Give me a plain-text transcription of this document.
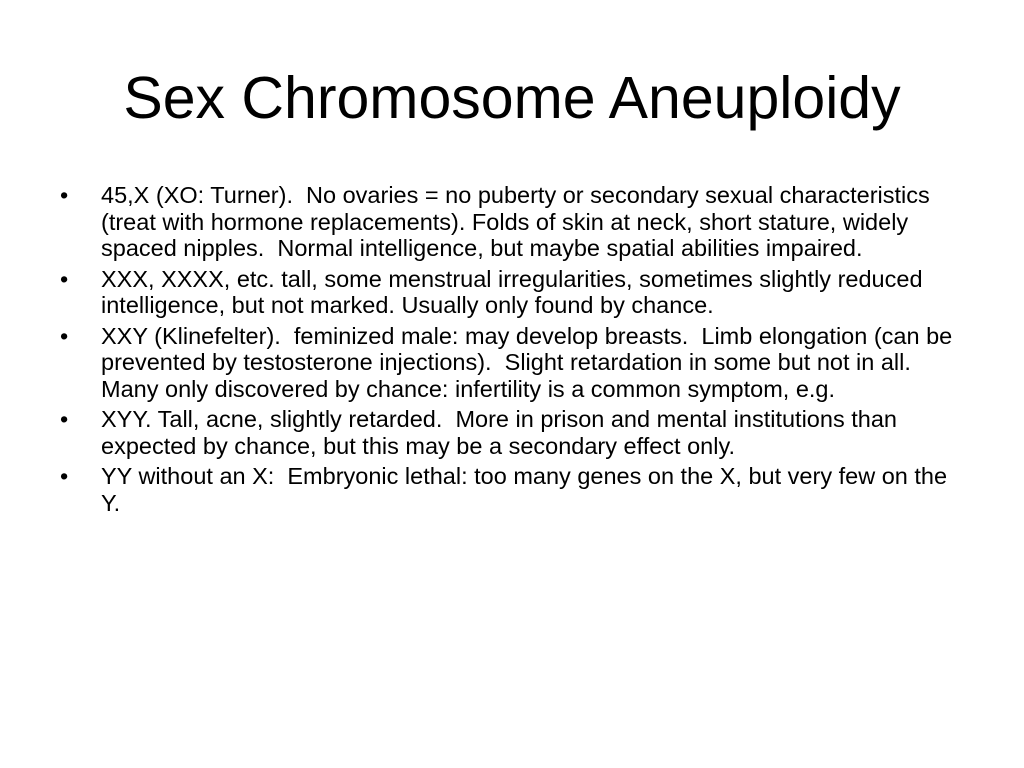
Sex Chromosome Aneuploidy
•	45,X (XO: Turner).  No ovaries = no puberty or secondary sexual characteristics (treat with hormone replacements). Folds of skin at neck, short stature, widely spaced nipples.  Normal intelligence, but maybe spatial abilities impaired.
•	XXX, XXXX, etc. tall, some menstrual irregularities, sometimes slightly reduced intelligence, but not marked. Usually only found by chance.
•	XXY (Klinefelter).  feminized male: may develop breasts.  Limb elongation (can be prevented by testosterone injections).  Slight retardation in some but not in all.  Many only discovered by chance: infertility is a common symptom, e.g.
•	XYY. Tall, acne, slightly retarded.  More in prison and mental institutions than expected by chance, but this may be a secondary effect only.
•	YY without an X:  Embryonic lethal: too many genes on the X, but very few on the Y.
